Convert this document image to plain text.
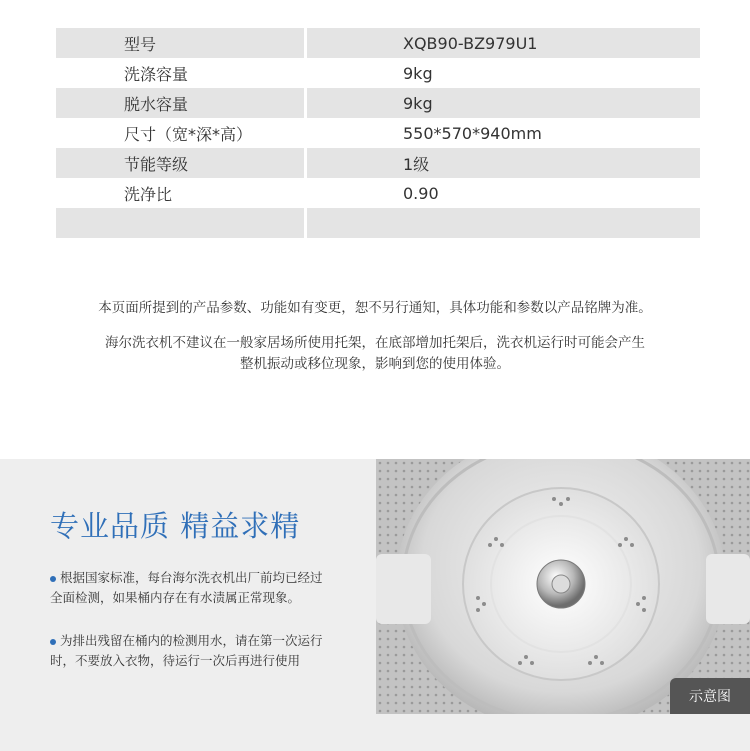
型号	XQB90-BZ979U1
洗涤容量	9kg
脱水容量	9kg
尺寸（宽*深*高）	550*570*940mm
节能等级	1级
洗净比	0.90

本页面所提到的产品参数、功能如有变更，恕不另行通知，具体功能和参数以产品铭牌为准。

海尔洗衣机不建议在一般家居场所使用托架，在底部增加托架后，洗衣机运行时可能会产生
整机振动或移位现象，影响到您的使用体验。
专业品质 精益求精
根据国家标准，每台海尔洗衣机出厂前均已经过
全面检测，如果桶内存在有水渍属正常现象。
为排出残留在桶内的检测用水，请在第一次运行
时，不要放入衣物，待运行一次后再进行使用
示意图
